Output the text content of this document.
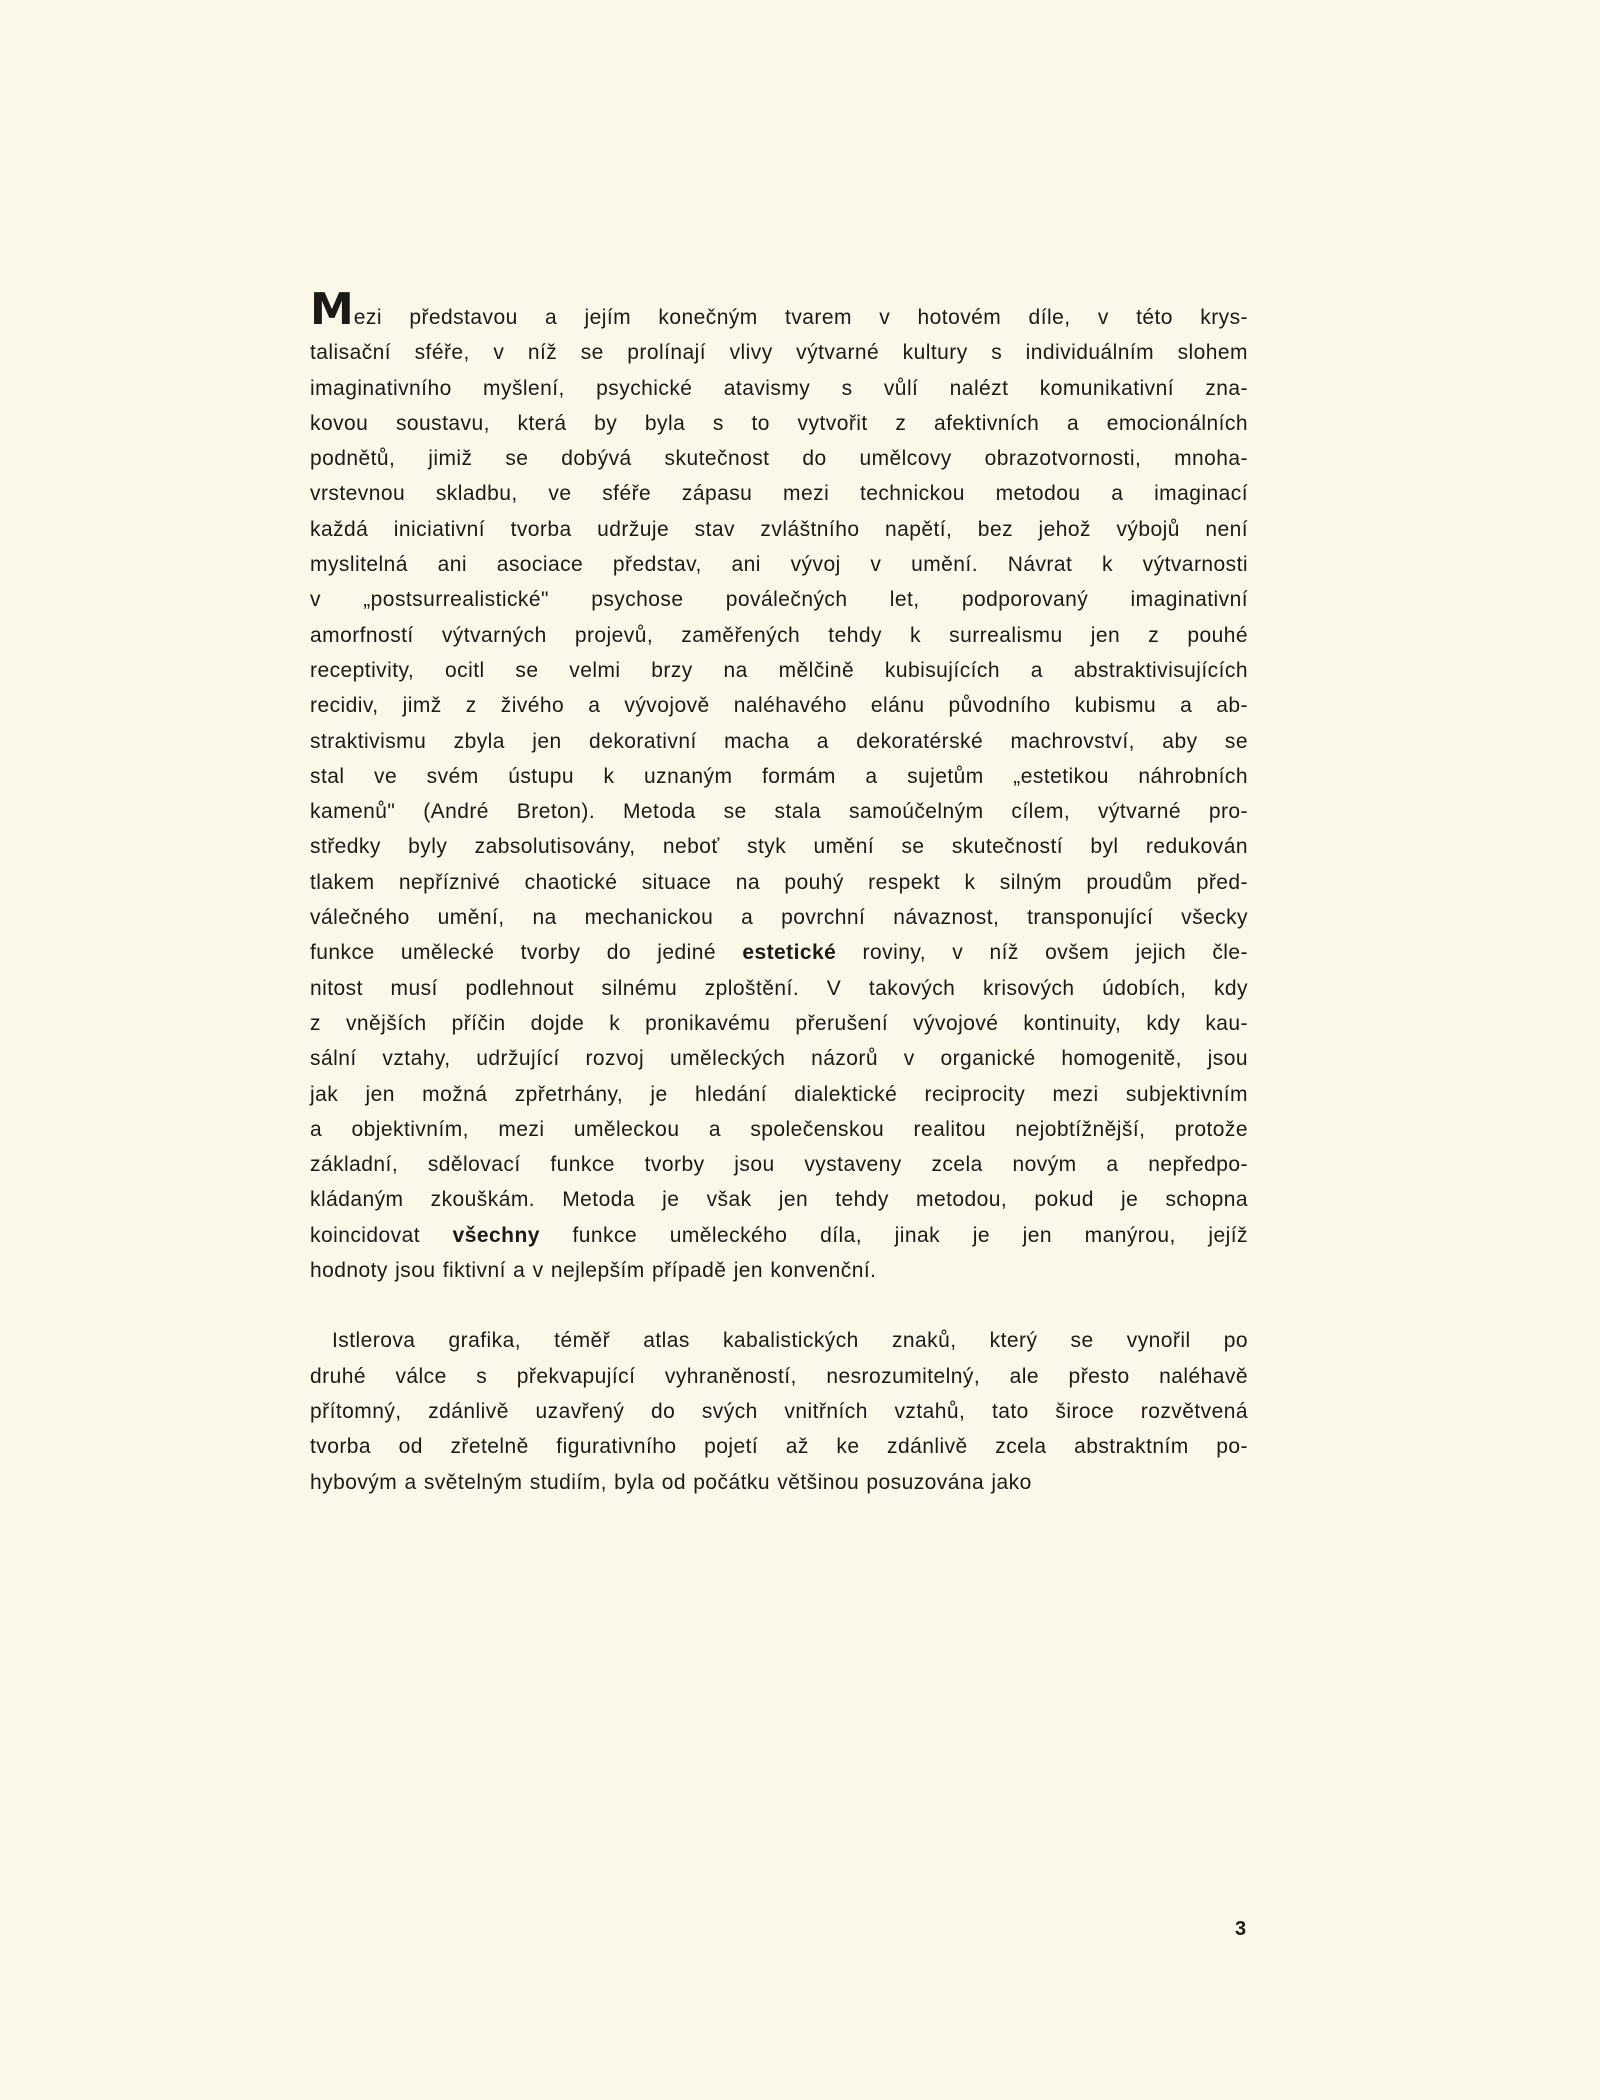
Mezi představou a jejím konečným tvarem v hotovém díle, v této krys-
talisační sféře, v níž se prolínají vlivy výtvarné kultury s individuálním slohem
imaginativního myšlení, psychické atavismy s vůlí nalézt komunikativní zna-
kovou soustavu, která by byla s to vytvořit z afektivních a emocionálních
podnětů, jimiž se dobývá skutečnost do umělcovy obrazotvornosti, mnoha-
vrstevnou skladbu, ve sféře zápasu mezi technickou metodou a imaginací
každá iniciativní tvorba udržuje stav zvláštního napětí, bez jehož výbojů není
myslitelná ani asociace představ, ani vývoj v umění. Návrat k výtvarnosti
v „postsurrealistické" psychose poválečných let, podporovaný imaginativní
amorfností výtvarných projevů, zaměřených tehdy k surrealismu jen z pouhé
receptivity, ocitl se velmi brzy na mělčině kubisujících a abstraktivisujících
recidiv, jimž z živého a vývojově naléhavého elánu původního kubismu a ab-
straktivismu zbyla jen dekorativní macha a dekoratérské machrovství, aby se
stal ve svém ústupu k uznaným formám a sujetům „estetikou náhrobních
kamenů" (André Breton). Metoda se stala samoúčelným cílem, výtvarné pro-
středky byly zabsolutisovány, neboť styk umění se skutečností byl redukován
tlakem nepříznivé chaotické situace na pouhý respekt k silným proudům před-
válečného umění, na mechanickou a povrchní návaznost, transponující všecky
funkce umělecké tvorby do jediné estetické roviny, v níž ovšem jejich čle-
nitost musí podlehnout silnému zploštění. V takových krisových údobích, kdy
z vnějších příčin dojde k pronikavému přerušení vývojové kontinuity, kdy kau-
sální vztahy, udržující rozvoj uměleckých názorů v organické homogenitě, jsou
jak jen možná zpřetrhány, je hledání dialektické reciprocity mezi subjektivním
a objektivním, mezi uměleckou a společenskou realitou nejobtížnější, protože
základní, sdělovací funkce tvorby jsou vystaveny zcela novým a nepředpo-
kládaným zkouškám. Metoda je však jen tehdy metodou, pokud je schopna
koincidovat všechny funkce uměleckého díla, jinak je jen manýrou, jejíž
hodnoty jsou fiktivní a v nejlepším případě jen konvenční.
Istlerova grafika, téměř atlas kabalistických znaků, který se vynořil po
druhé válce s překvapující vyhraněností, nesrozumitelný, ale přesto naléhavě
přítomný, zdánlivě uzavřený do svých vnitřních vztahů, tato široce rozvětvená
tvorba od zřetelně figurativního pojetí až ke zdánlivě zcela abstraktním po-
hybovým a světelným studiím, byla od počátku většinou posuzována jako
3
